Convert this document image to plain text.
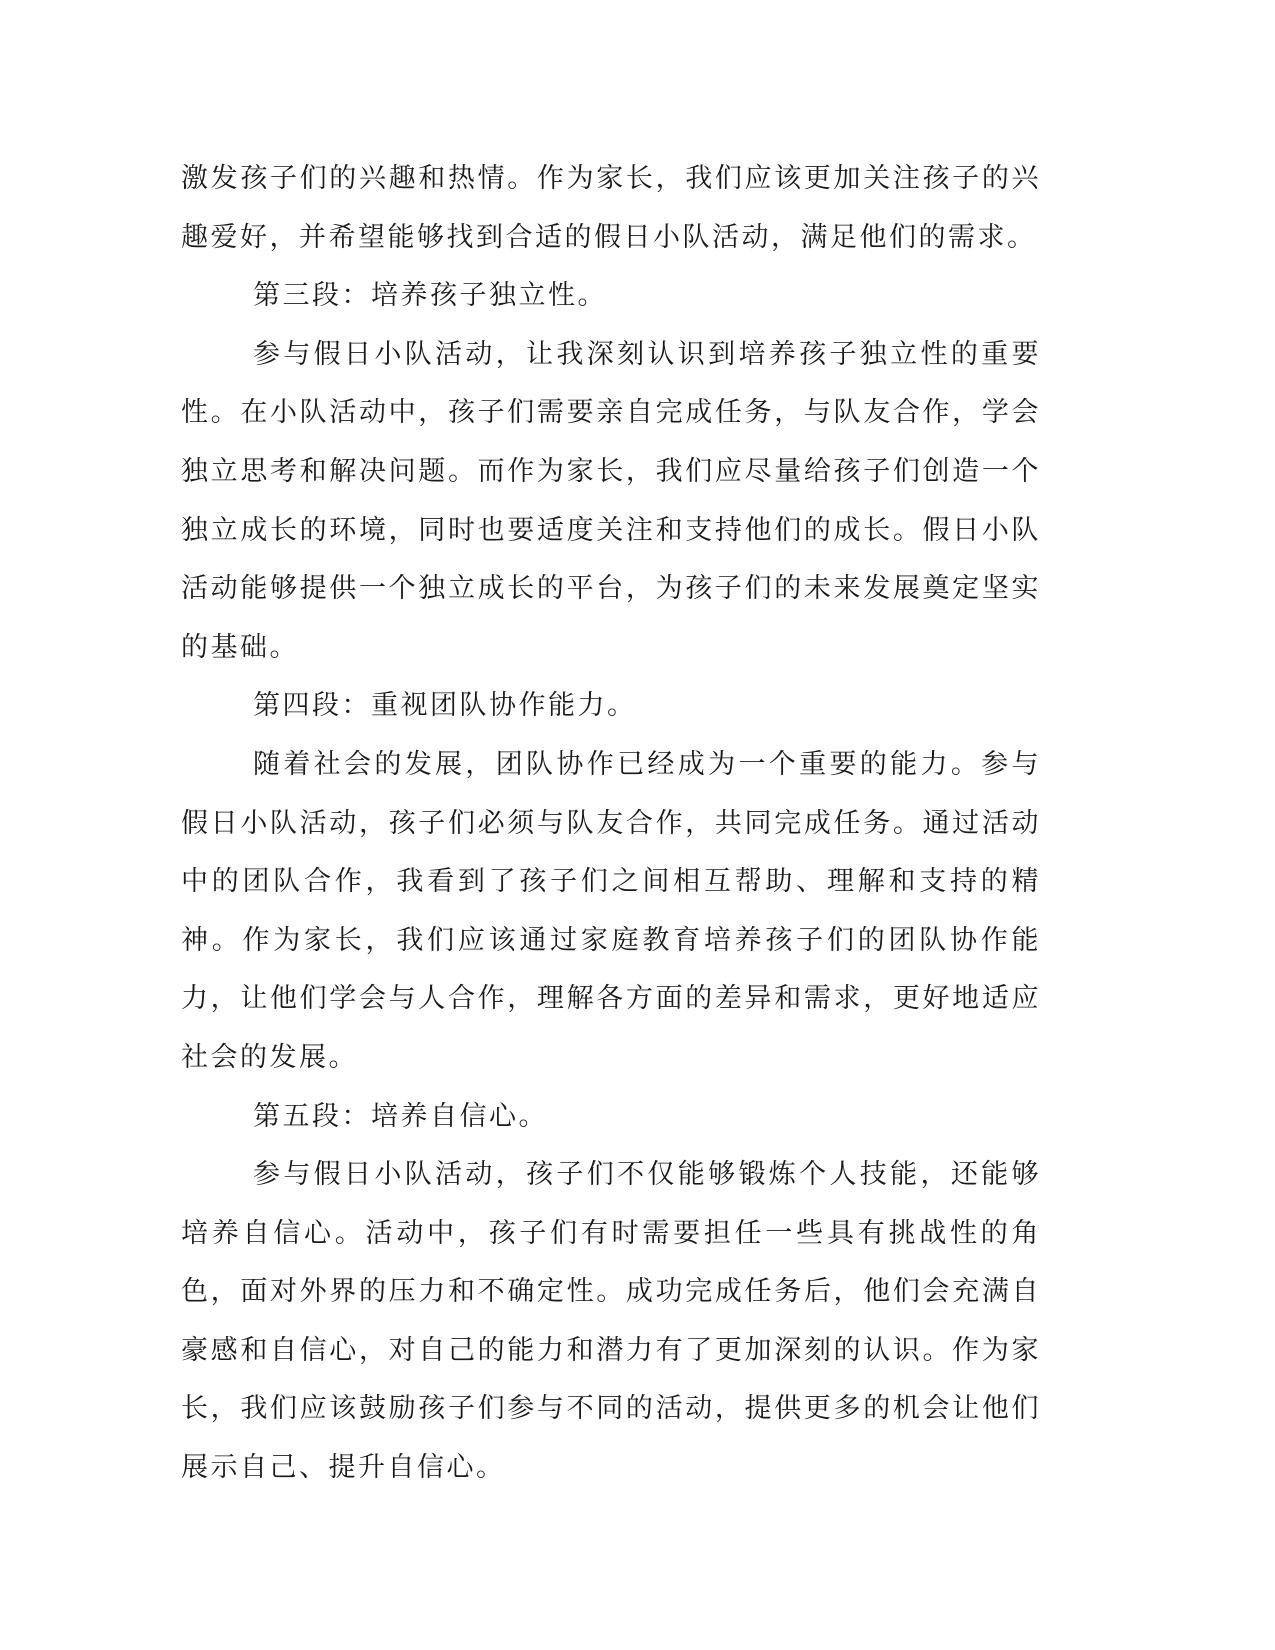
激发孩子们的兴趣和热情。作为家长，我们应该更加关注孩子的兴趣爱好，并希望能够找到合适的假日小队活动，满足他们的需求。

第三段：培养孩子独立性。

参与假日小队活动，让我深刻认识到培养孩子独立性的重要性。在小队活动中，孩子们需要亲自完成任务，与队友合作，学会独立思考和解决问题。而作为家长，我们应尽量给孩子们创造一个独立成长的环境，同时也要适度关注和支持他们的成长。假日小队活动能够提供一个独立成长的平台，为孩子们的未来发展奠定坚实的基础。

第四段：重视团队协作能力。

随着社会的发展，团队协作已经成为一个重要的能力。参与假日小队活动，孩子们必须与队友合作，共同完成任务。通过活动中的团队合作，我看到了孩子们之间相互帮助、理解和支持的精神。作为家长，我们应该通过家庭教育培养孩子们的团队协作能力，让他们学会与人合作，理解各方面的差异和需求，更好地适应社会的发展。

第五段：培养自信心。

参与假日小队活动，孩子们不仅能够锻炼个人技能，还能够培养自信心。活动中，孩子们有时需要担任一些具有挑战性的角色，面对外界的压力和不确定性。成功完成任务后，他们会充满自豪感和自信心，对自己的能力和潜力有了更加深刻的认识。作为家长，我们应该鼓励孩子们参与不同的活动，提供更多的机会让他们展示自己、提升自信心。
